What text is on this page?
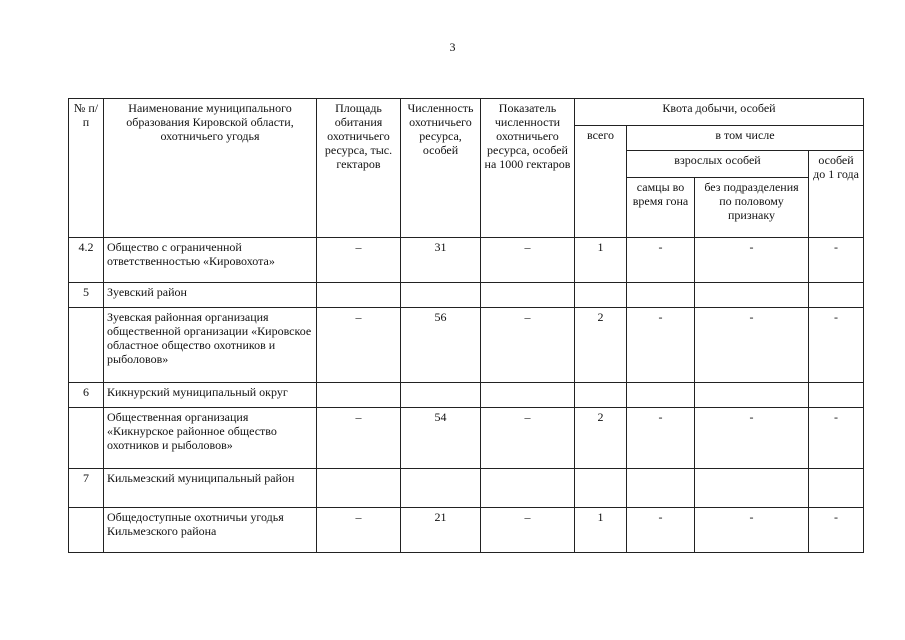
3
№ п/п	Наименование муниципального образования Кировской области, охотничьего угодья	Площадь обитания охотничьего ресурса, тыс. гектаров	Численность охотничьего ресурса, особей	Показатель численности охотничьего ресурса, особей на 1000 гектаров	Квота добычи, особей			
					всего	в том числе		
						взрослых особей		особей до 1 года
						самцы во время гона	без подразделения по половому признаку	
4.2	Общество с ограниченной ответственностью «Кировохота»	–	31	–	1	-	-	-
5	Зуевский район							
	Зуевская районная организация общественной организации «Кировское областное общество охотников и рыболовов»	–	56	–	2	-	-	-
6	Кикнурский муниципальный округ							
	Общественная организация «Кикнурское районное общество охотников и рыболовов»	–	54	–	2	-	-	-
7	Кильмезский муниципальный район							
	Общедоступные охотничьи угодья Кильмезского района	–	21	–	1	-	-	-
